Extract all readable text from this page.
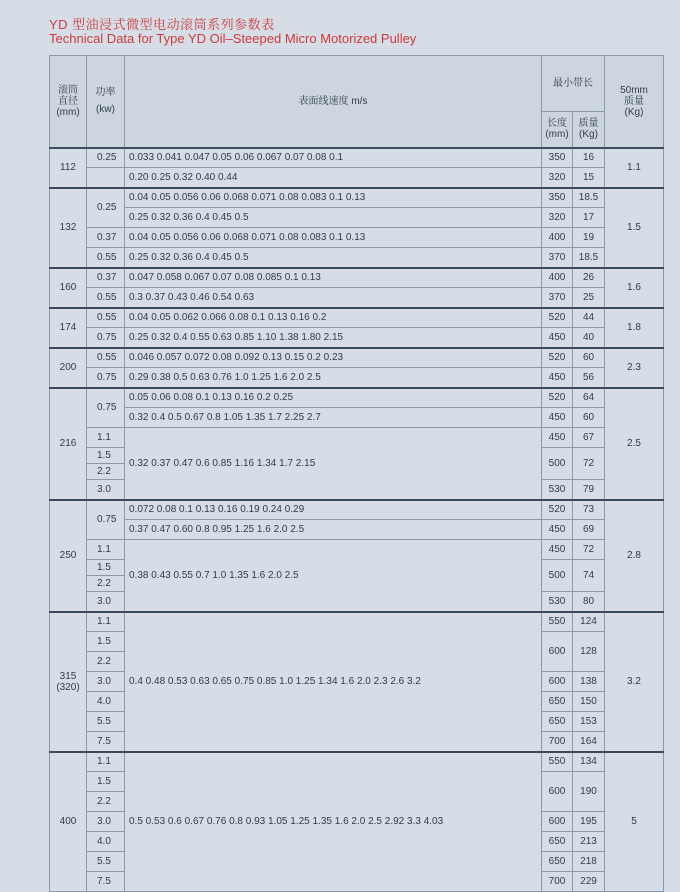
YD 型油浸式微型电动滚筒系列参数表
Technical Data for Type YD Oil–Steeped Micro Motorized Pulley
滚筒
直径
(mm)	功率
(kw)	表面线速度 m/s	最小带长		50mm
质量
(Kg)

			长度
(mm)	质量
(Kg)	

112	0.25	0.033 0.041 0.047 0.05 0.06 0.067 0.07 0.08 0.1	350	16	1.1
		0.20 0.25 0.32 0.40 0.44	320	15	

132	0.25	0.04 0.05 0.056 0.06 0.068 0.071 0.08 0.083 0.1 0.13	350	18.5	1.5
		0.25 0.32 0.36 0.4 0.45 0.5	320	17	
	0.37	0.04 0.05 0.056 0.06 0.068 0.071 0.08 0.083 0.1 0.13	400	19	
	0.55	0.25 0.32 0.36 0.4 0.45 0.5	370	18.5	

160	0.37	0.047 0.058 0.067 0.07 0.08 0.085 0.1 0.13	400	26	1.6
	0.55	0.3 0.37 0.43 0.46 0.54 0.63	370	25	

174	0.55	0.04 0.05 0.062 0.066 0.08 0.1 0.13 0.16 0.2	520	44	1.8
	0.75	0.25 0.32 0.4 0.55 0.63 0.85 1.10 1.38 1.80 2.15	450	40	

200	0.55	0.046 0.057 0.072 0.08 0.092 0.13 0.15 0.2 0.23	520	60	2.3
	0.75	0.29 0.38 0.5 0.63 0.76 1.0 1.25 1.6 2.0 2.5	450	56	

216	0.75	0.05 0.06 0.08 0.1 0.13 0.16 0.2 0.25	520	64	2.5
		0.32 0.4 0.5 0.67 0.8 1.05 1.35 1.7 2.25 2.7	450	60	
	1.1	0.32 0.37 0.47 0.6 0.85 1.16 1.34 1.7 2.15	450	67	
	1.5		500	72	
	2.2				
	3.0		530	79	

250	0.75	0.072 0.08 0.1 0.13 0.16 0.19 0.24 0.29	520	73	2.8
		0.37 0.47 0.60 0.8 0.95 1.25 1.6 2.0 2.5	450	69	
	1.1	0.38 0.43 0.55 0.7 1.0 1.35 1.6 2.0 2.5	450	72	
	1.5		500	74	
	2.2				
	3.0		530	80	

315
(320)	1.1	0.4 0.48 0.53 0.63 0.65 0.75 0.85 1.0 1.25 1.34 1.6 2.0 2.3 2.6 3.2	550	124	3.2
	1.5		600	128	
	2.2				
	3.0		600	138	
	4.0		650	150	
	5.5		650	153	
	7.5		700	164	

400	1.1	0.5 0.53 0.6 0.67 0.76 0.8 0.93 1.05 1.25 1.35 1.6 2.0 2.5 2.92 3.3 4.03	550	134	5
	1.5		600	190	
	2.2				
	3.0		600	195	
	4.0		650	213	
	5.5		650	218	
	7.5		700	229	
